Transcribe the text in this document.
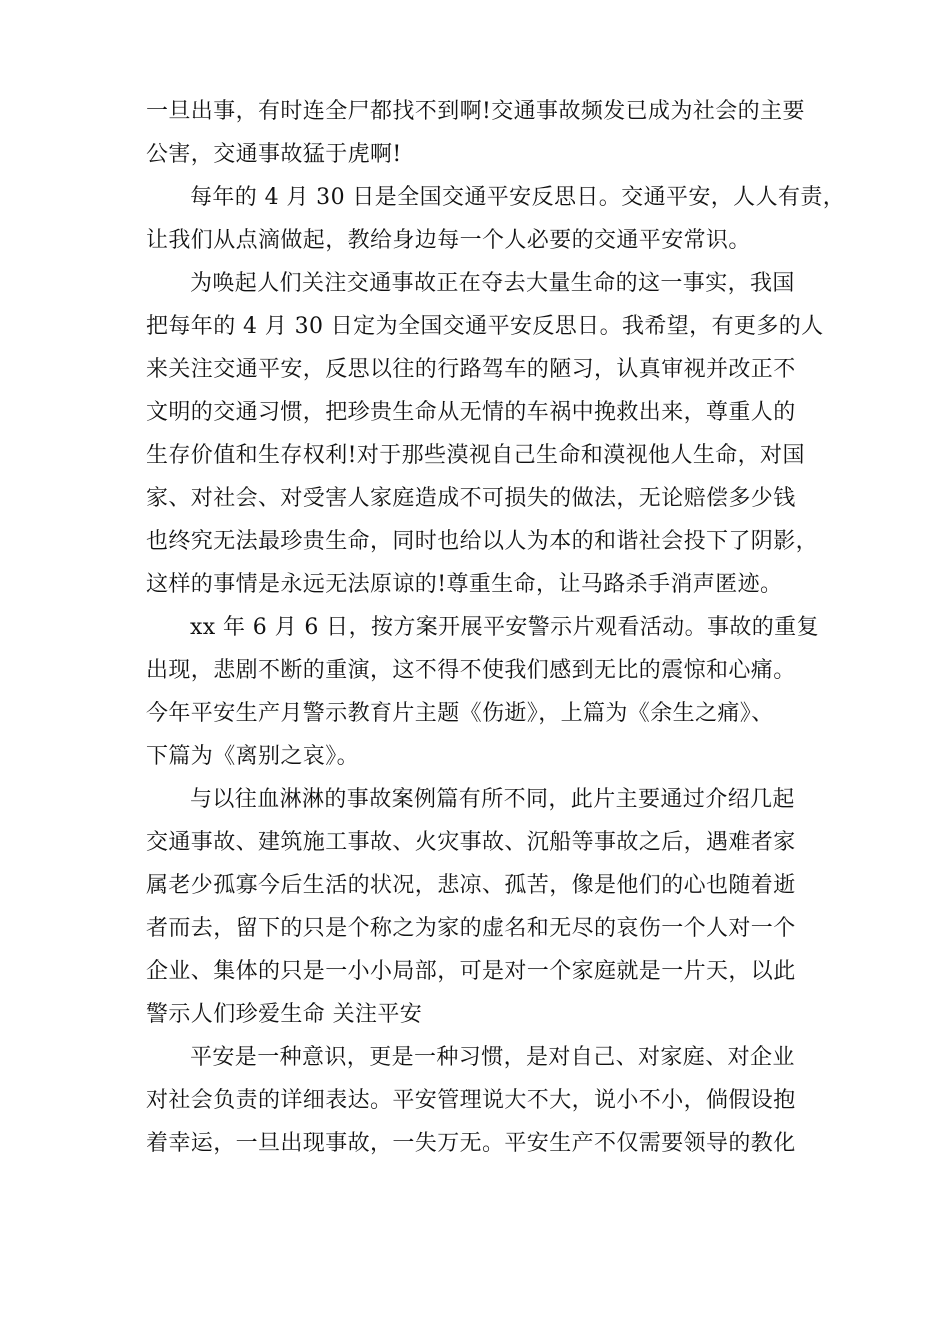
一旦出事，有时连全尸都找不到啊!交通事故频发已成为社会的主要
公害，交通事故猛于虎啊!
每年的 4 月 30 日是全国交通平安反思日。交通平安，人人有责，
让我们从点滴做起，教给身边每一个人必要的交通平安常识。
为唤起人们关注交通事故正在夺去大量生命的这一事实，我国
把每年的 4 月 30 日定为全国交通平安反思日。我希望，有更多的人
来关注交通平安，反思以往的行路驾车的陋习，认真审视并改正不
文明的交通习惯，把珍贵生命从无情的车祸中挽救出来，尊重人的
生存价值和生存权利!对于那些漠视自己生命和漠视他人生命，对国
家、对社会、对受害人家庭造成不可损失的做法，无论赔偿多少钱
也终究无法最珍贵生命，同时也给以人为本的和谐社会投下了阴影，
这样的事情是永远无法原谅的!尊重生命，让马路杀手消声匿迹。
xx 年 6 月 6 日，按方案开展平安警示片观看活动。事故的重复
出现，悲剧不断的重演，这不得不使我们感到无比的震惊和心痛。
今年平安生产月警示教育片主题《伤逝》，上篇为《余生之痛》、
下篇为《离别之哀》。
与以往血淋淋的事故案例篇有所不同，此片主要通过介绍几起
交通事故、建筑施工事故、火灾事故、沉船等事故之后，遇难者家
属老少孤寡今后生活的状况，悲凉、孤苦，像是他们的心也随着逝
者而去，留下的只是个称之为家的虚名和无尽的哀伤一个人对一个
企业、集体的只是一小小局部，可是对一个家庭就是一片天，以此
警示人们珍爱生命 关注平安
平安是一种意识，更是一种习惯，是对自己、对家庭、对企业
对社会负责的详细表达。平安管理说大不大，说小不小，倘假设抱
着幸运，一旦出现事故，一失万无。平安生产不仅需要领导的教化
